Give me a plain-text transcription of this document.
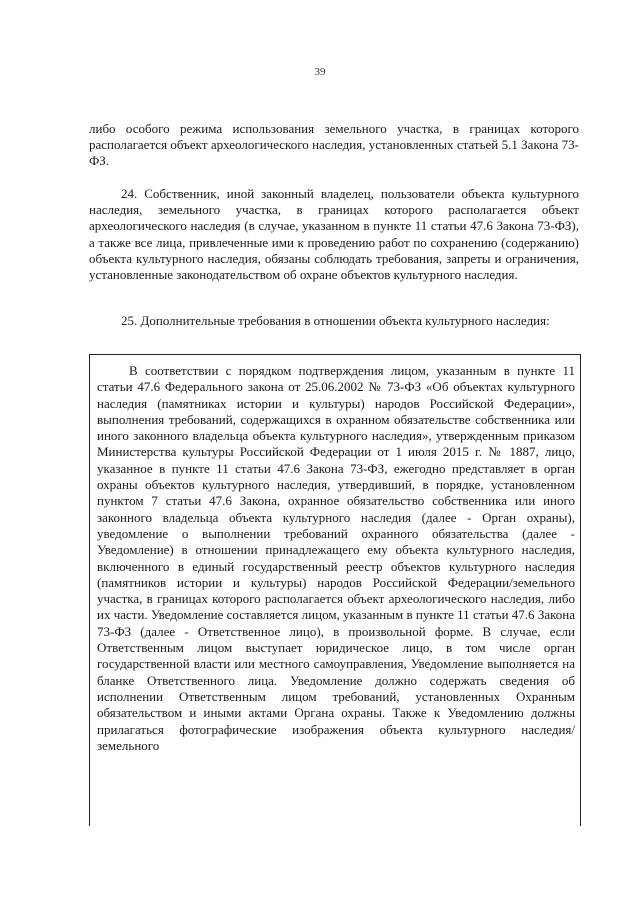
39

либо особого режима использования земельного участка, в границах которого располагается объект археологического наследия, установленных статьей 5.1 Закона 73-ФЗ.

24. Собственник, иной законный владелец, пользователи объекта культурного наследия, земельного участка, в границах которого располагается объект археологического наследия (в случае, указанном в пункте 11 статьи 47.6 Закона 73-ФЗ), а также все лица, привлеченные ими к проведению работ по сохранению (содержанию) объекта культурного наследия, обязаны соблюдать требования, запреты и ограничения, установленные законодательством об охране объектов культурного наследия.

25. Дополнительные требования в отношении объекта культурного наследия:

В соответствии с порядком подтверждения лицом, указанным в пункте 11 статьи 47.6 Федерального закона от 25.06.2002 № 73-ФЗ «Об объектах культурного наследия (памятниках истории и культуры) народов Российской Федерации», выполнения требований, содержащихся в охранном обязательстве собственника или иного законного владельца объекта культурного наследия», утвержденным приказом Министерства культуры Российской Федерации от 1 июля 2015 г. № 1887, лицо, указанное в пункте 11 статьи 47.6 Закона 73-ФЗ, ежегодно представляет в орган охраны объектов культурного наследия, утвердивший, в порядке, установленном пунктом 7 статьи 47.6 Закона, охранное обязательство собственника или иного законного владельца объекта культурного наследия (далее - Орган охраны), уведомление о выполнении требований охранного обязательства (далее - Уведомление) в отношении принадлежащего ему объекта культурного наследия, включенного в единый государственный реестр объектов культурного наследия (памятников истории и культуры) народов Российской Федерации/земельного участка, в границах которого располагается объект археологического наследия, либо их части. Уведомление составляется лицом, указанным в пункте 11 статьи 47.6 Закона 73-ФЗ (далее - Ответственное лицо), в произвольной форме. В случае, если Ответственным лицом выступает юридическое лицо, в том числе орган государственной власти или местного самоуправления, Уведомление выполняется на бланке Ответственного лица. Уведомление должно содержать сведения об исполнении Ответственным лицом требований, установленных Охранным обязательством и иными актами Органа охраны. Также к Уведомлению должны прилагаться фотографические изображения объекта культурного наследия/земельного
